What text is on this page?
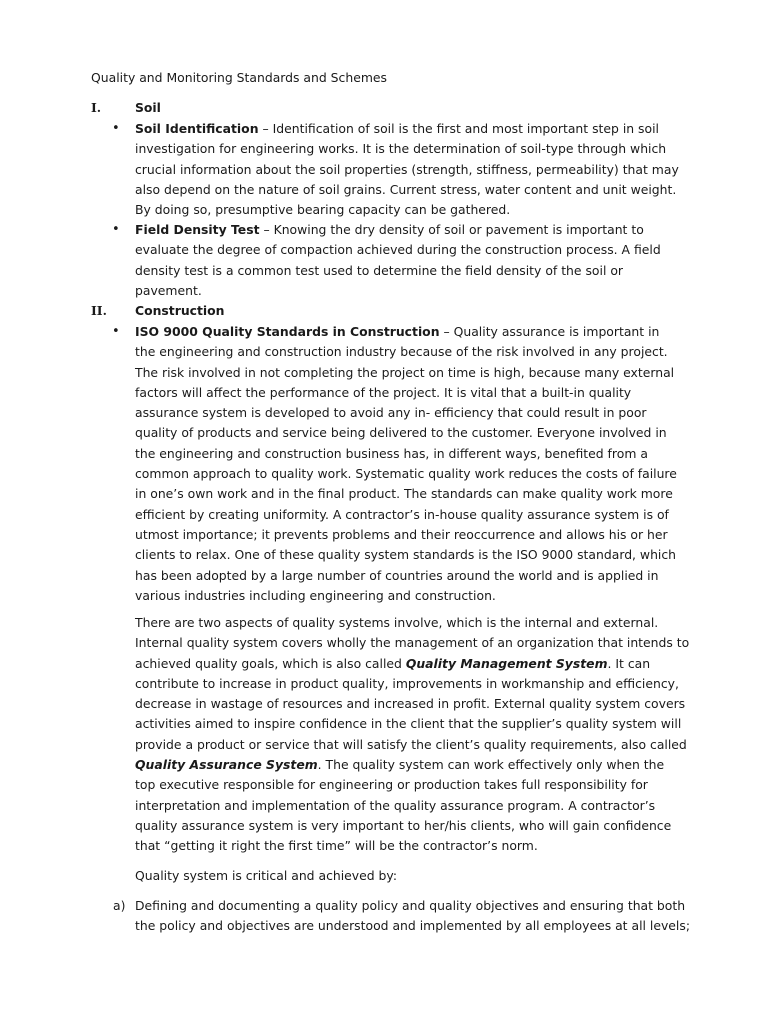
Quality and Monitoring Standards and Schemes
I.	Soil
•	Soil Identification – Identification of soil is the first and most important step in soil
investigation for engineering works. It is the determination of soil-type through which
crucial information about the soil properties (strength, stiffness, permeability) that may
also depend on the nature of soil grains. Current stress, water content and unit weight.
By doing so, presumptive bearing capacity can be gathered.
•	Field Density Test – Knowing the dry density of soil or pavement is important to
evaluate the degree of compaction achieved during the construction process. A field
density test is a common test used to determine the field density of the soil or
pavement.
II.	Construction
•	ISO 9000 Quality Standards in Construction – Quality assurance is important in
the engineering and construction industry because of the risk involved in any project.
The risk involved in not completing the project on time is high, because many external
factors will affect the performance of the project. It is vital that a built-in quality
assurance system is developed to avoid any in- efficiency that could result in poor
quality of products and service being delivered to the customer. Everyone involved in
the engineering and construction business has, in different ways, benefited from a
common approach to quality work. Systematic quality work reduces the costs of failure
in one’s own work and in the final product. The standards can make quality work more
efficient by creating uniformity. A contractor’s in-house quality assurance system is of
utmost importance; it prevents problems and their reoccurrence and allows his or her
clients to relax. One of these quality system standards is the ISO 9000 standard, which
has been adopted by a large number of countries around the world and is applied in
various industries including engineering and construction.
There are two aspects of quality systems involve, which is the internal and external.
Internal quality system covers wholly the management of an organization that intends to
achieved quality goals, which is also called Quality Management System. It can
contribute to increase in product quality, improvements in workmanship and efficiency,
decrease in wastage of resources and increased in profit. External quality system covers
activities aimed to inspire confidence in the client that the supplier’s quality system will
provide a product or service that will satisfy the client’s quality requirements, also called
Quality Assurance System. The quality system can work effectively only when the
top executive responsible for engineering or production takes full responsibility for
interpretation and implementation of the quality assurance program. A contractor’s
quality assurance system is very important to her/his clients, who will gain confidence
that “getting it right the first time” will be the contractor’s norm.
Quality system is critical and achieved by:
a) Defining and documenting a quality policy and quality objectives and ensuring that both
the policy and objectives are understood and implemented by all employees at all levels;
